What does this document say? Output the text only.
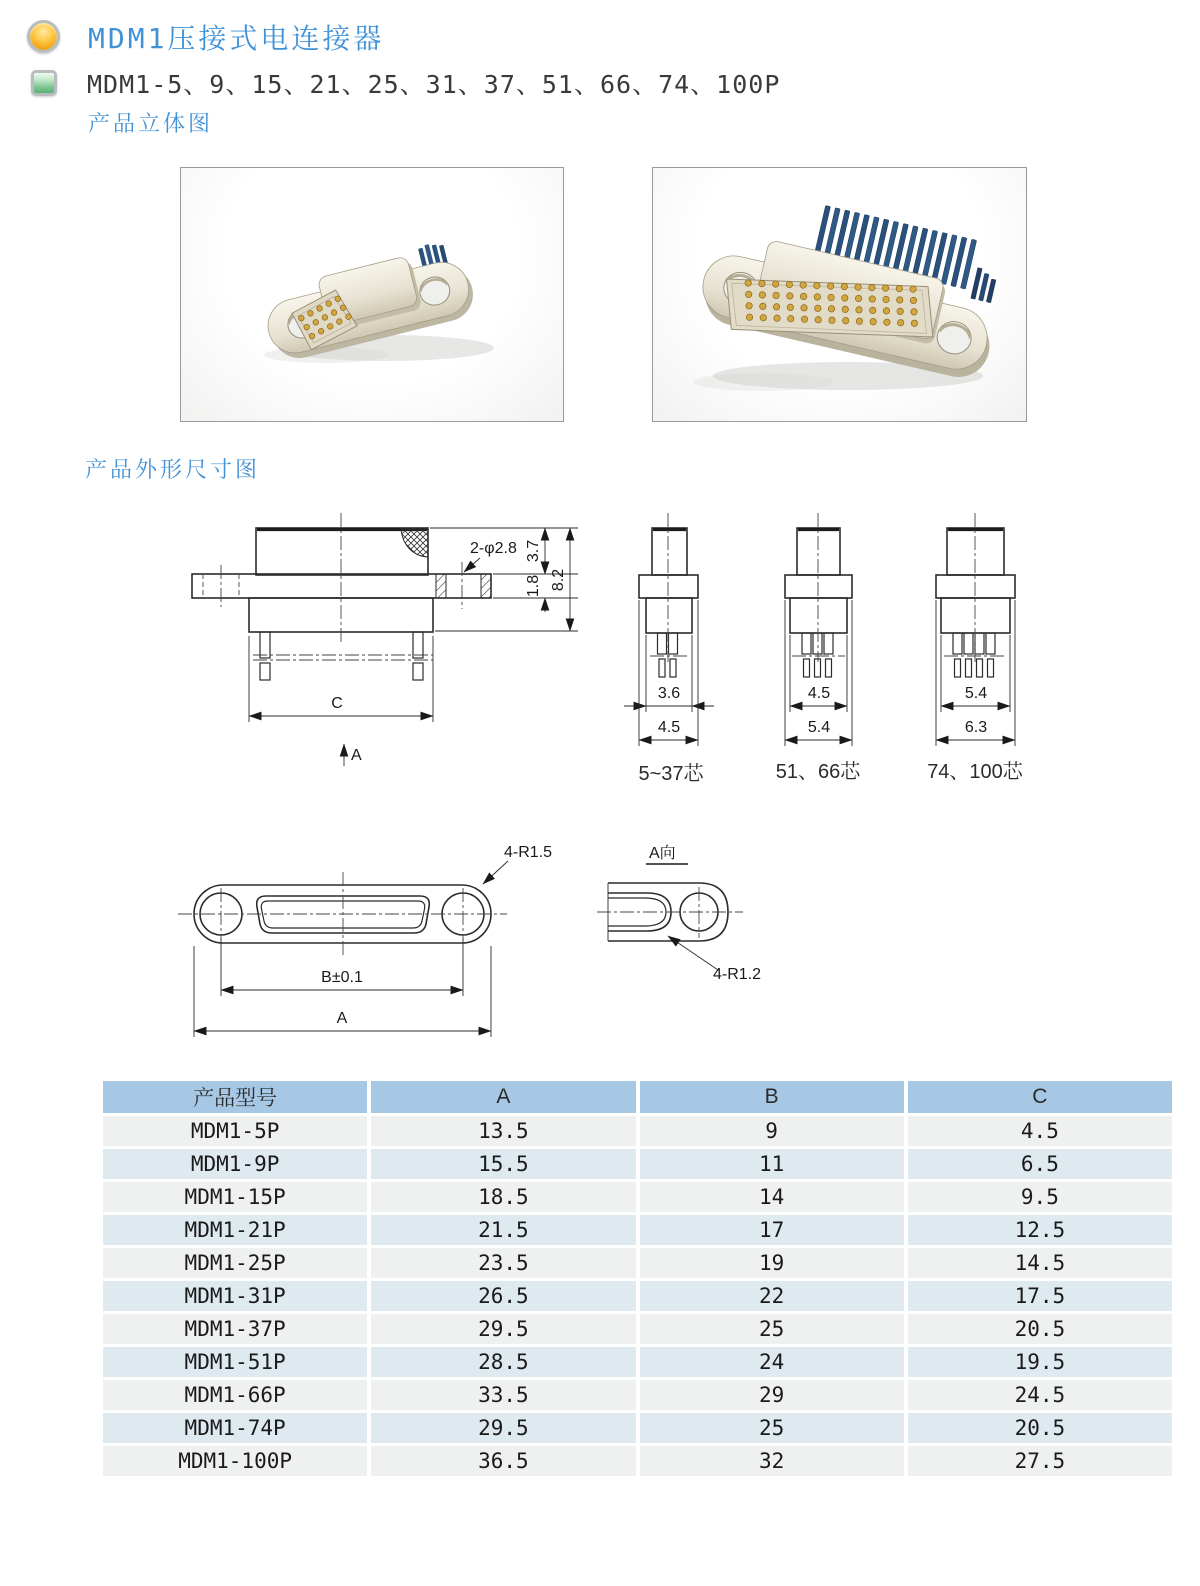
MDM1压接式电连接器
MDM1-5、9、15、21、25、31、37、51、66、74、100P
产品立体图
产品外形尺寸图
C
A
3.7
1.8 8.2
2-φ2.8
3.6
4.5
5~37芯
4.5
5.4
51、66芯
5.4
6.3
74、100芯
4-R1.5
B±0.1
A
A向
4-R1.2
产品型号	A	B	C
MDM1-5P	13.5	9	4.5
MDM1-9P	15.5	11	6.5
MDM1-15P	18.5	14	9.5
MDM1-21P	21.5	17	12.5
MDM1-25P	23.5	19	14.5
MDM1-31P	26.5	22	17.5
MDM1-37P	29.5	25	20.5
MDM1-51P	28.5	24	19.5
MDM1-66P	33.5	29	24.5
MDM1-74P	29.5	25	20.5
MDM1-100P	36.5	32	27.5
